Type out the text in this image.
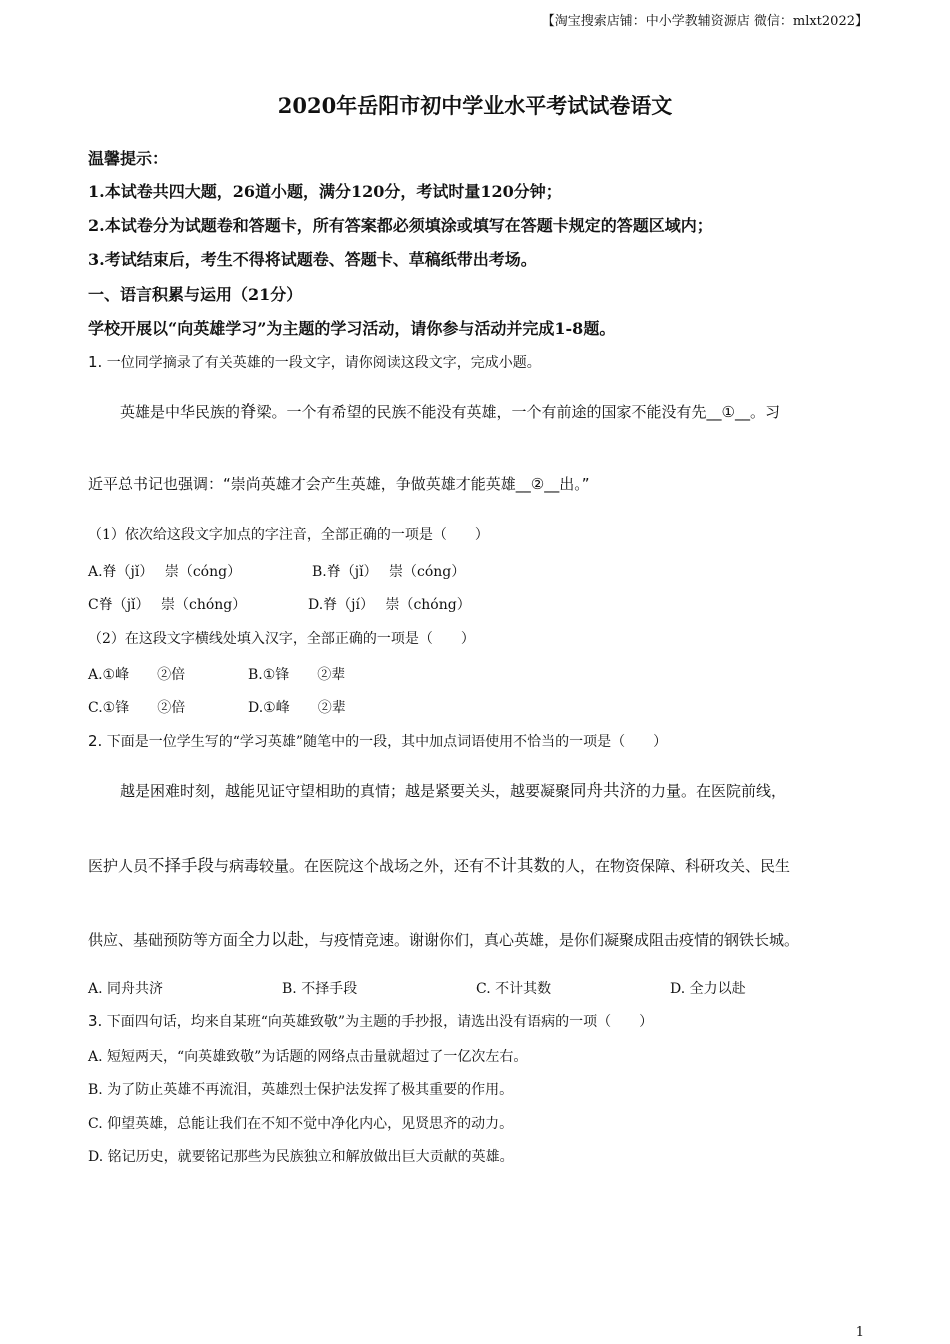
【淘宝搜索店铺：中小学教辅资源店 微信：mlxt2022】
2020年岳阳市初中学业水平考试试卷语文
温馨提示：
1.本试卷共四大题，26道小题，满分120分，考试时量120分钟；
2.本试卷分为试题卷和答题卡，所有答案都必须填涂或填写在答题卡规定的答题区域内；
3.考试结束后，考生不得将试题卷、答题卡、草稿纸带出考场。
一、语言积累与运用（21分）
学校开展以“向英雄学习”为主题的学习活动，请你参与活动并完成1-8题。
1. 一位同学摘录了有关英雄的一段文字，请你阅读这段文字，完成小题。
英雄是中华民族的脊梁。一个有希望的民族不能没有英雄，一个有前途的国家不能没有先__①__。习
近平总书记也强调：“崇尚英雄才会产生英雄，争做英雄才能英雄__②__出。”
（1）依次给这段文字加点的字注音，全部正确的一项是（　　）
A.脊（jǐ）　 崇（cóng）	B.脊（jǐ）　 崇（cóng）
C脊（jǐ）　 崇（chóng）	D.脊（jí）　 崇（chóng）
（2）在这段文字横线处填入汉字，全部正确的一项是（　　）
A.①峰　　②倍	B.①锋　　②辈
C.①锋　　②倍	D.①峰　　②辈
2. 下面是一位学生写的“学习英雄”随笔中的一段，其中加点词语使用不恰当的一项是（　　）
越是困难时刻，越能见证守望相助的真情；越是紧要关头，越要凝聚同舟共济的力量。在医院前线，
医护人员不择手段与病毒较量。在医院这个战场之外，还有不计其数的人，在物资保障、科研攻关、民生
供应、基础预防等方面全力以赴，与疫情竞速。谢谢你们，真心英雄，是你们凝聚成阻击疫情的钢铁长城。
A. 同舟共济	B. 不择手段	C. 不计其数	D. 全力以赴
3. 下面四句话，均来自某班“向英雄致敬”为主题的手抄报，请选出没有语病的一项（　　）
A. 短短两天，“向英雄致敬”为话题的网络点击量就超过了一亿次左右。
B. 为了防止英雄不再流泪，英雄烈士保护法发挥了极其重要的作用。
C. 仰望英雄，总能让我们在不知不觉中净化内心，见贤思齐的动力。
D. 铭记历史，就要铭记那些为民族独立和解放做出巨大贡献的英雄。
1
